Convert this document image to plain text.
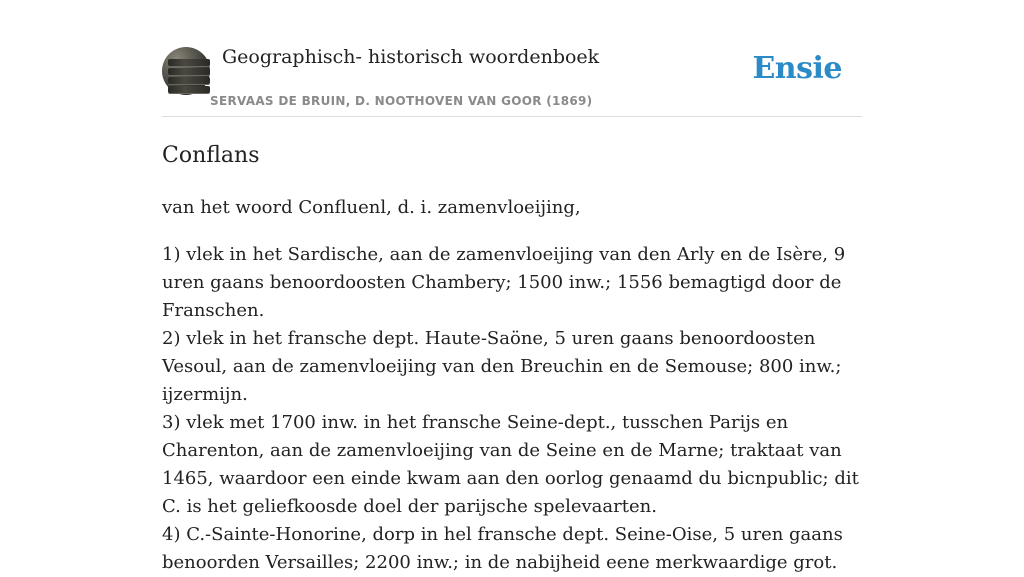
Geographisch- historisch woordenboek
SERVAAS DE BRUIN, D. NOOTHOVEN VAN GOOR (1869)
Ensie
Conflans

van het woord Confluenl, d. i. zamenvloeijing,

1) vlek in het Sardische, aan de zamenvloeijing van den Arly en de Isère, 9 uren gaans benoordoosten Chambery; 1500 inw.; 1556 bemagtigd door de Franschen.

2) vlek in het fransche dept. Haute-Saöne, 5 uren gaans benoordoosten Vesoul, aan de zamenvloeijing van den Breuchin en de Semouse; 800 inw.; ijzermijn.

3) vlek met 1700 inw. in het fransche Seine-dept., tusschen Parijs en Charenton, aan de zamenvloeijing van de Seine en de Marne; traktaat van 1465, waardoor een einde kwam aan den oorlog genaamd du bicnpublic; dit C. is het geliefkoosde doel der parijsche spelevaarten.

4) C.-Sainte-Honorine, dorp in hel fransche dept. Seine-Oise, 5 uren gaans benoorden Versailles; 2200 inw.; in de nabijheid eene merkwaardige grot.
